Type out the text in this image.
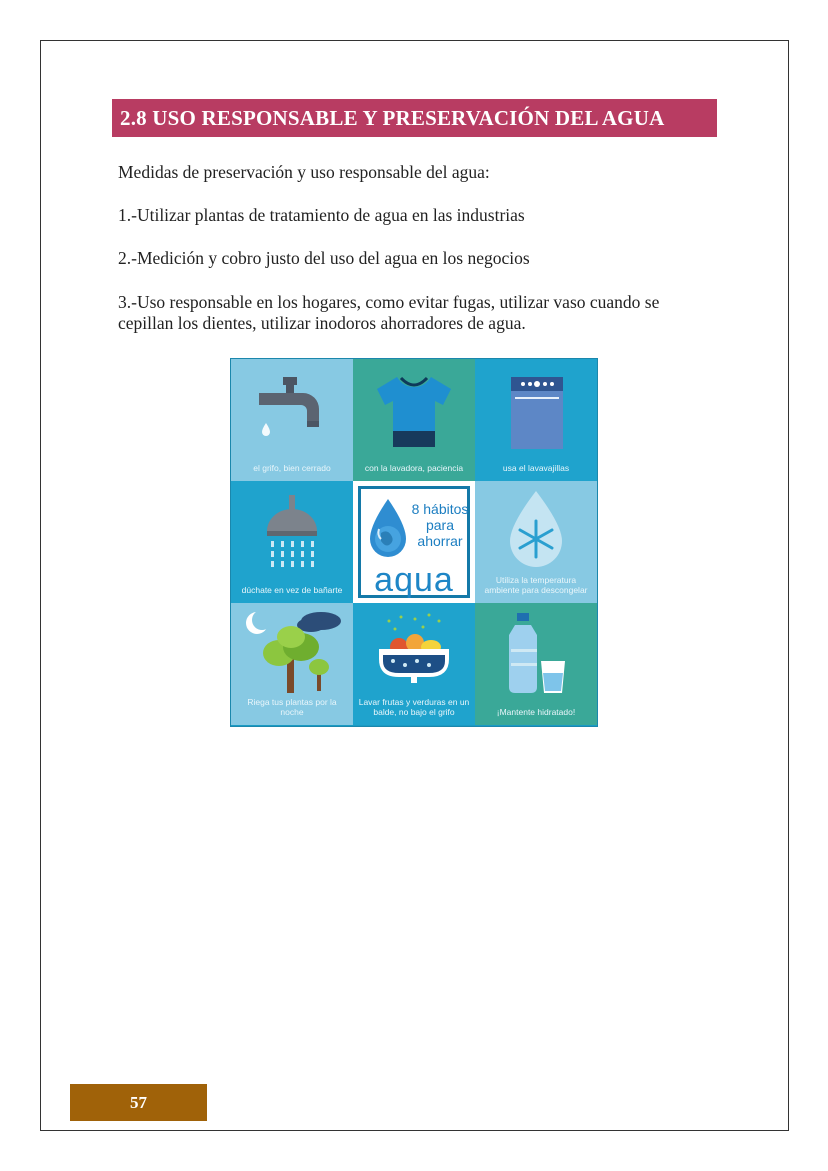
2.8 USO RESPONSABLE Y PRESERVACIÓN DEL AGUA

Medidas de preservación y uso responsable del agua:

1.-Utilizar plantas de tratamiento de agua en las industrias

2.-Medición y cobro justo del uso del agua en los negocios

3.-Uso responsable en los hogares, como evitar fugas, utilizar vaso cuando se cepillan los dientes, utilizar inodoros ahorradores de agua.

el grifo, bien cerrado	con la lavadora, paciencia	usa el lavavajillas
dúchate en vez de bañarte
8 hábitos para ahorrar
aqua	Utiliza la temperatura ambiente para descongelar
Riega tus plantas por la noche
Lavar frutas y verduras en un balde, no bajo el grifo	¡Mantente hidratado!
57
